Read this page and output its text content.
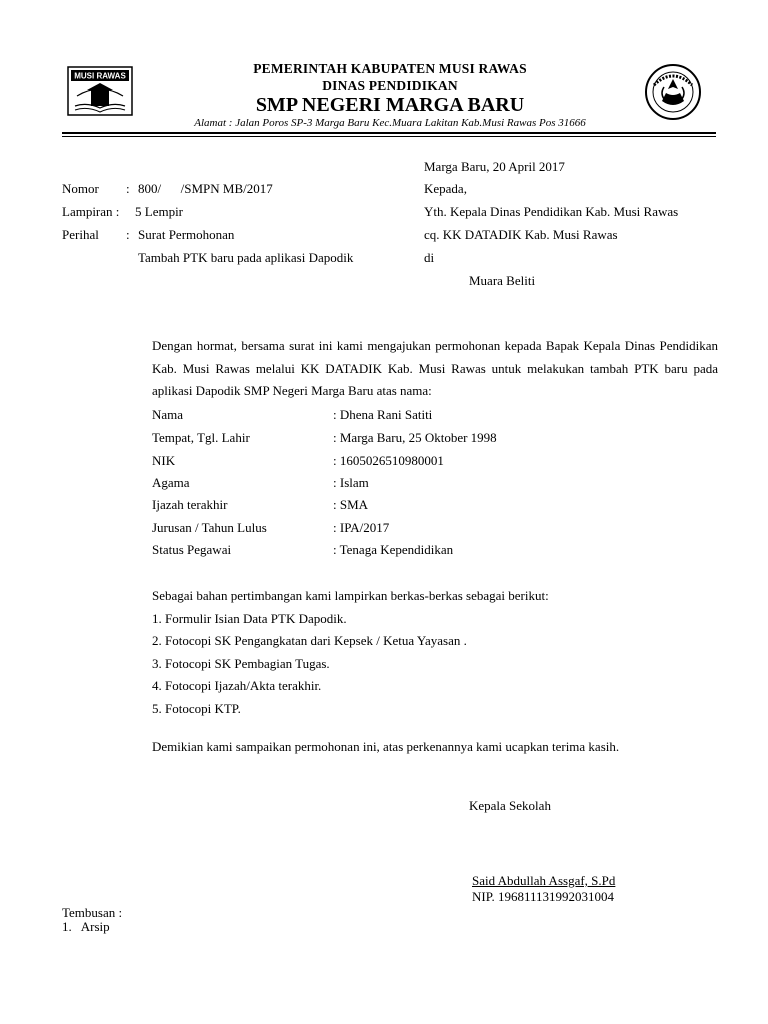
MUSI RAWAS	PEMERINTAH KABUPATEN MUSI RAWAS
DINAS PENDIDIKAN
SMP NEGERI MARGA BARU
Alamat : Jalan Poros SP-3 Marga Baru Kec.Muara Lakitan Kab.Musi Rawas Pos 31666
Marga Baru, 20 April 2017
Nomor : 800/      /SMPN MB/2017
Lampiran : 5 Lempir
Perihal : Surat Permohonan
Tambah PTK baru pada aplikasi Dapodik
Kepada,
Yth. Kepala Dinas Pendidikan Kab. Musi Rawas
cq. KK DATADIK Kab. Musi Rawas
di
Muara Beliti
Dengan hormat, bersama surat ini kami mengajukan permohonan kepada Bapak Kepala Dinas Pendidikan Kab. Musi Rawas melalui KK DATADIK Kab. Musi Rawas untuk melakukan tambah PTK baru pada aplikasi Dapodik SMP Negeri Marga Baru atas nama:
Nama	: Dhena Rani Satiti
Tempat, Tgl. Lahir	: Marga Baru, 25 Oktober 1998
NIK	: 1605026510980001
Agama	: Islam
Ijazah terakhir	: SMA
Jurusan / Tahun Lulus	: IPA/2017
Status Pegawai	: Tenaga Kependidikan
Sebagai bahan pertimbangan kami lampirkan berkas-berkas sebagai berikut:
1. Formulir Isian Data PTK Dapodik.
2. Fotocopi SK Pengangkatan dari Kepsek / Ketua Yayasan .
3. Fotocopi SK Pembagian Tugas.
4. Fotocopi Ijazah/Akta terakhir.
5. Fotocopi KTP.
Demikian kami sampaikan permohonan ini, atas perkenannya kami ucapkan terima kasih.
Kepala Sekolah
Said Abdullah Assgaf, S.Pd
NIP. 196811131992031004
Tembusan :
1.   Arsip
